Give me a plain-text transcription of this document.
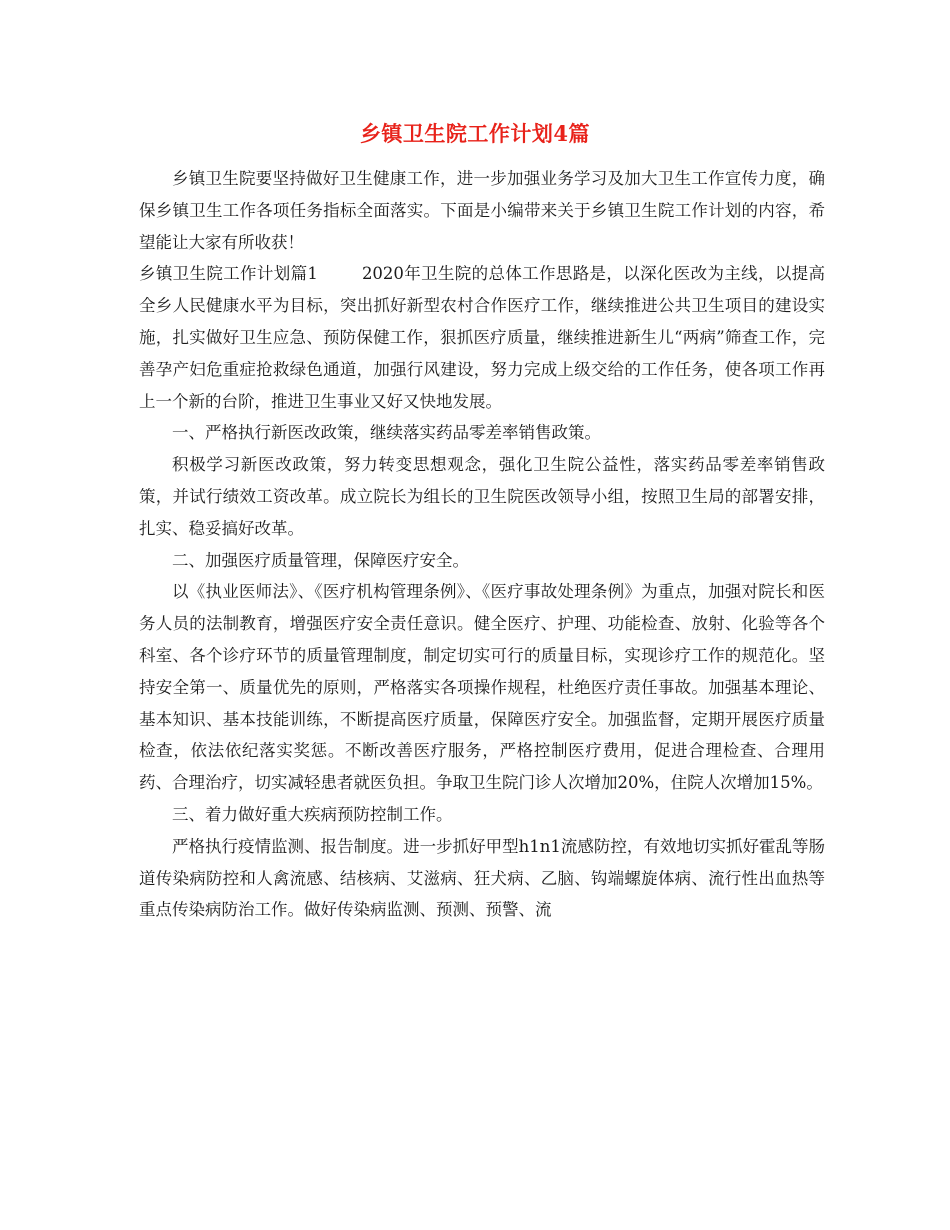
乡镇卫生院工作计划4篇

乡镇卫生院要坚持做好卫生健康工作，进一步加强业务学习及加大卫生工作宣传力度，确保乡镇卫生工作各项任务指标全面落实。下面是小编带来关于乡镇卫生院工作计划的内容，希望能让大家有所收获！

乡镇卫生院工作计划篇1	2020年卫生院的总体工作思路是，以深化医改为主线，以提高全乡人民健康水平为目标，突出抓好新型农村合作医疗工作，继续推进公共卫生项目的建设实施，扎实做好卫生应急、预防保健工作，狠抓医疗质量，继续推进新生儿“两病”筛查工作，完善孕产妇危重症抢救绿色通道，加强行风建设，努力完成上级交给的工作任务，使各项工作再上一个新的台阶，推进卫生事业又好又快地发展。

一、严格执行新医改政策，继续落实药品零差率销售政策。

积极学习新医改政策，努力转变思想观念，强化卫生院公益性，落实药品零差率销售政策，并试行绩效工资改革。成立院长为组长的卫生院医改领导小组，按照卫生局的部署安排，扎实、稳妥搞好改革。

二、加强医疗质量管理，保障医疗安全。

以《执业医师法》、《医疗机构管理条例》、《医疗事故处理条例》为重点，加强对院长和医务人员的法制教育，增强医疗安全责任意识。健全医疗、护理、功能检查、放射、化验等各个科室、各个诊疗环节的质量管理制度，制定切实可行的质量目标，实现诊疗工作的规范化。坚持安全第一、质量优先的原则，严格落实各项操作规程，杜绝医疗责任事故。加强基本理论、基本知识、基本技能训练，不断提高医疗质量，保障医疗安全。加强监督，定期开展医疗质量检查，依法依纪落实奖惩。不断改善医疗服务，严格控制医疗费用，促进合理检查、合理用药、合理治疗，切实减轻患者就医负担。争取卫生院门诊人次增加20%，住院人次增加15%。

三、着力做好重大疾病预防控制工作。

严格执行疫情监测、报告制度。进一步抓好甲型h1n1流感防控，有效地切实抓好霍乱等肠道传染病防控和人禽流感、结核病、艾滋病、狂犬病、乙脑、钩端螺旋体病、流行性出血热等重点传染病防治工作。做好传染病监测、预测、预警、流
